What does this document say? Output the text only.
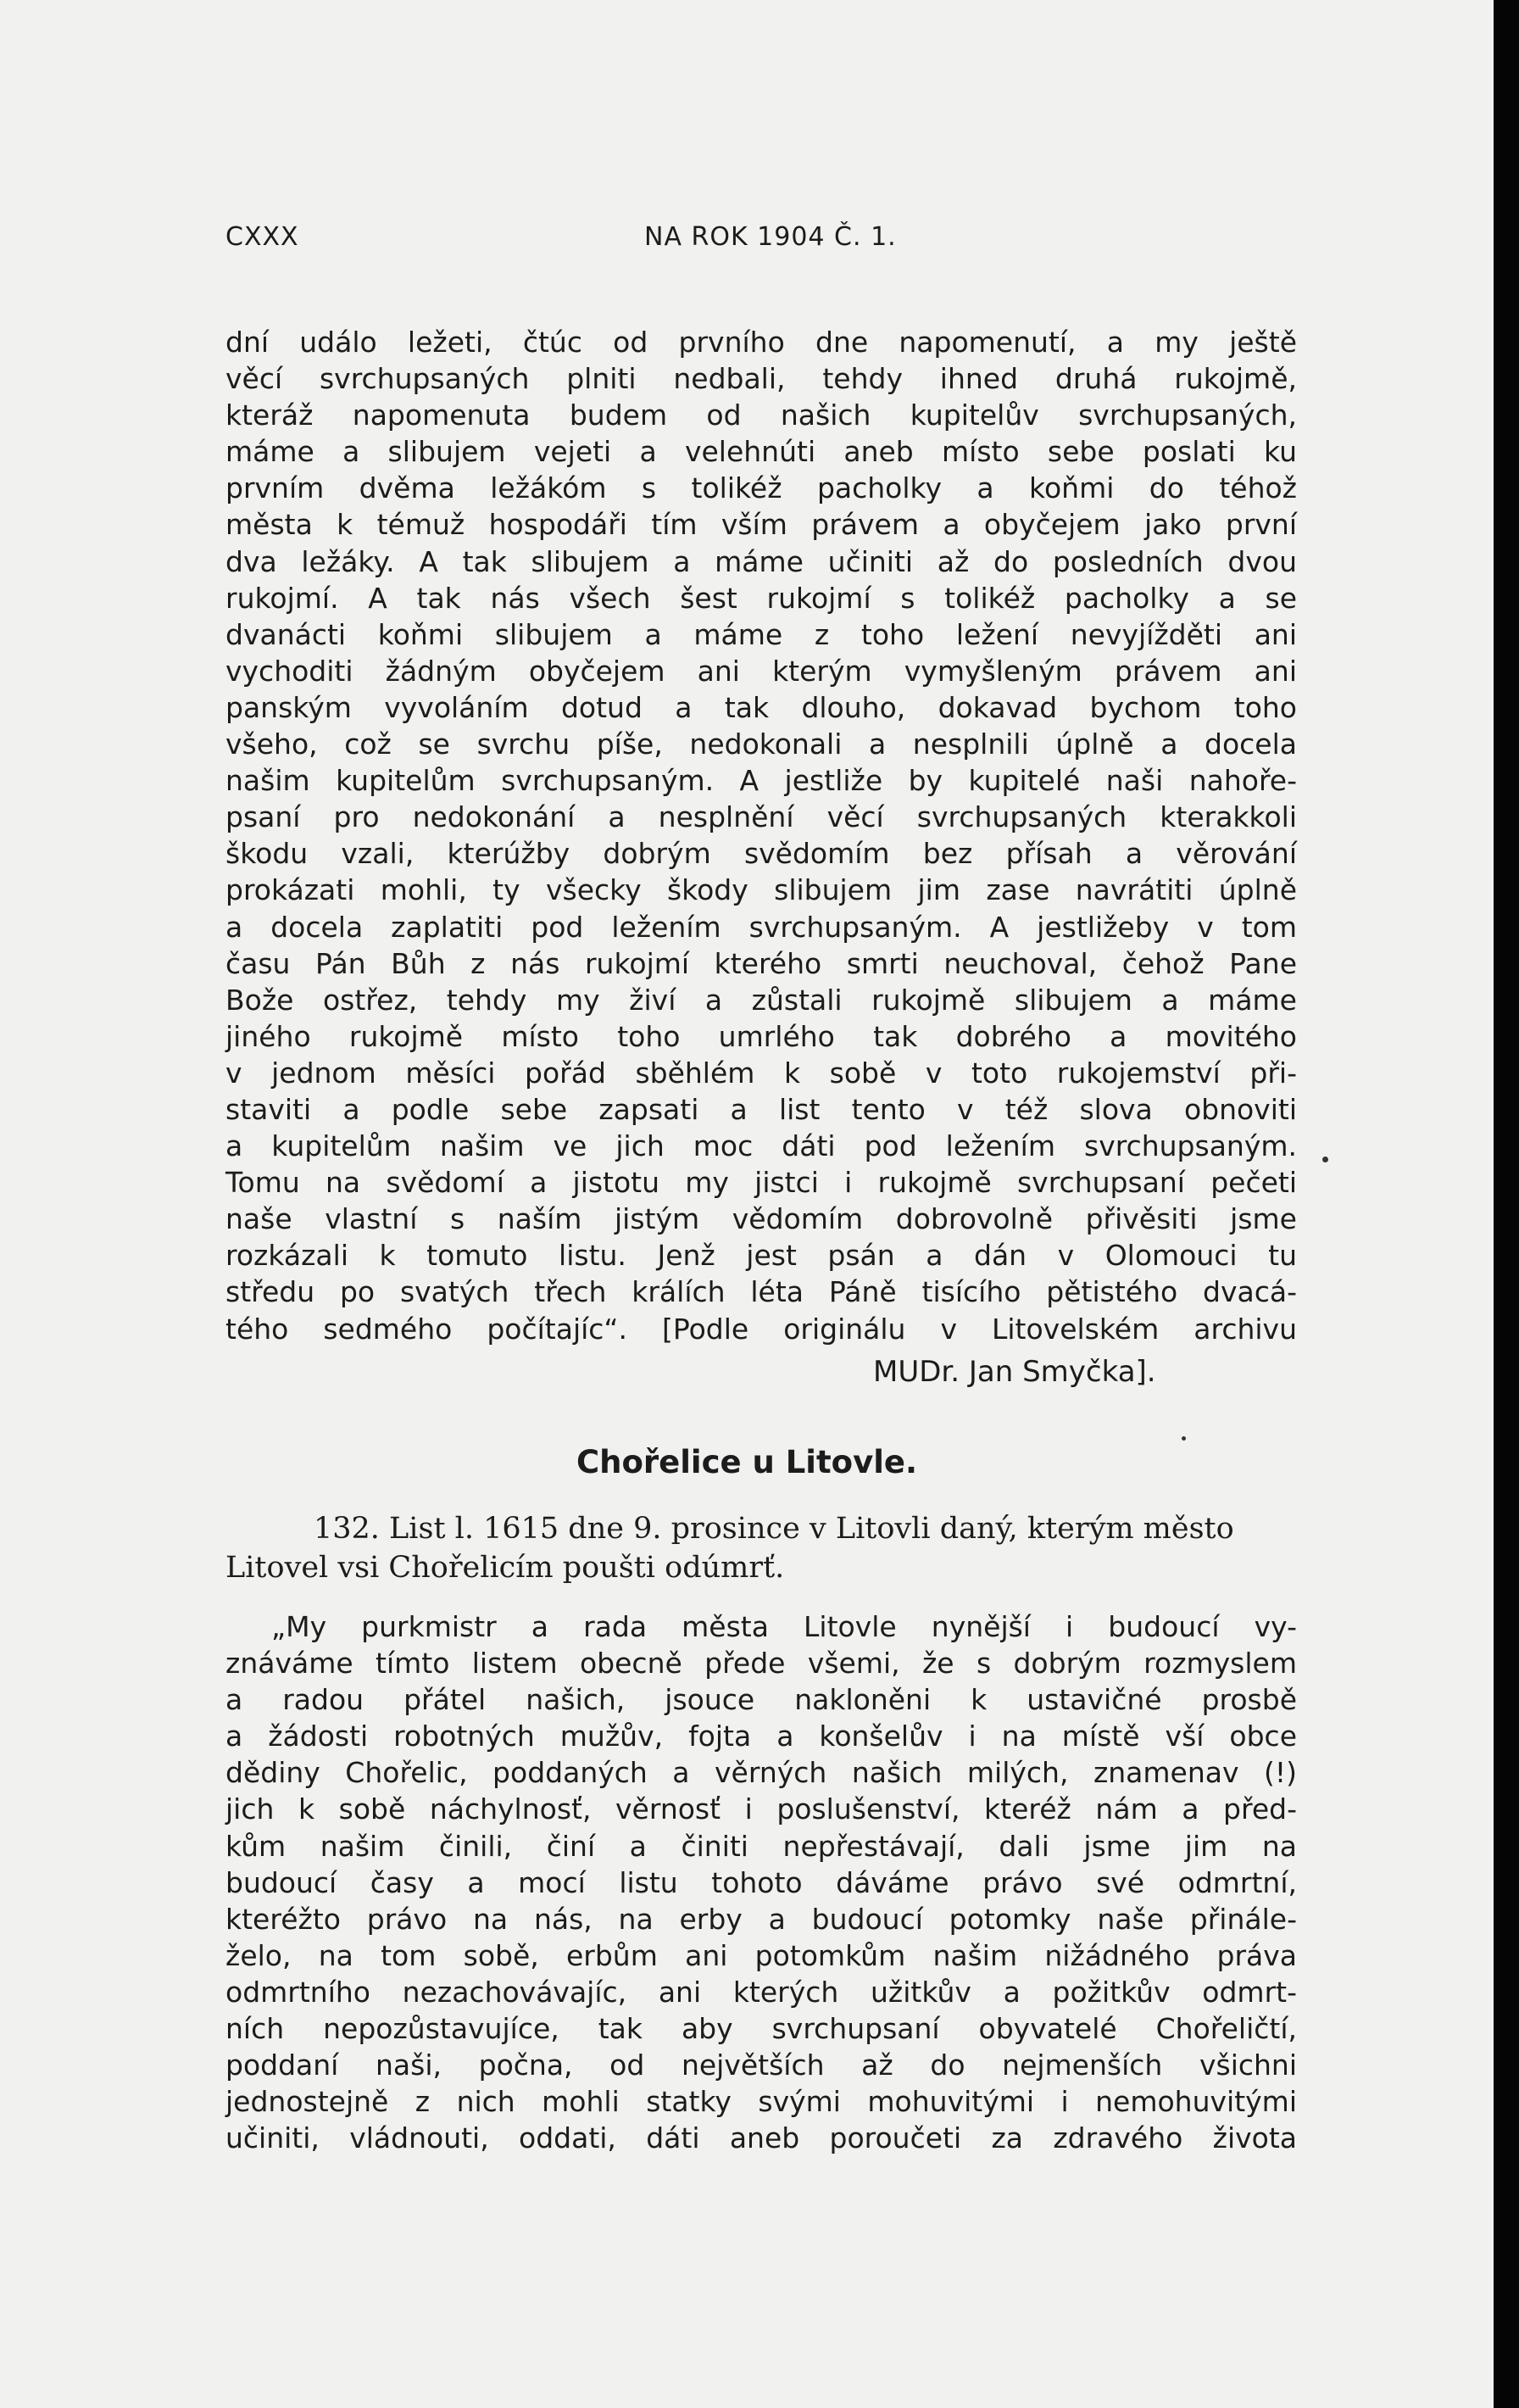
CXXX	NA ROK 1904 Č. 1.
dní událo ležeti, čtúc od prvního dne napomenutí, a my ještě
věcí svrchupsaných plniti nedbali, tehdy ihned druhá rukojmě,
kteráž napomenuta budem od našich kupitelův svrchupsaných,
máme a slibujem vejeti a velehnúti aneb místo sebe poslati ku
prvním dvěma ležákóm s tolikéž pacholky a koňmi do téhož
města k témuž hospodáři tím vším právem a obyčejem jako první
dva ležáky. A tak slibujem a máme učiniti až do posledních dvou
rukojmí. A tak nás všech šest rukojmí s tolikéž pacholky a se
dvanácti koňmi slibujem a máme z toho ležení nevyjížděti ani
vychoditi žádným obyčejem ani kterým vymyšleným právem ani
panským vyvoláním dotud a tak dlouho, dokavad bychom toho
všeho, což se svrchu píše, nedokonali a nesplnili úplně a docela
našim kupitelům svrchupsaným. A jestliže by kupitelé naši nahoře-
psaní pro nedokonání a nesplnění věcí svrchupsaných kterakkoli
škodu vzali, kterúžby dobrým svědomím bez přísah a věrování
prokázati mohli, ty všecky škody slibujem jim zase navrátiti úplně
a docela zaplatiti pod ležením svrchupsaným. A jestližeby v tom
času Pán Bůh z nás rukojmí kterého smrti neuchoval, čehož Pane
Bože ostřez, tehdy my živí a zůstali rukojmě slibujem a máme
jiného rukojmě místo toho umrlého tak dobrého a movitého
v jednom měsíci pořád sběhlém k sobě v toto rukojemství při-
staviti a podle sebe zapsati a list tento v též slova obnoviti
a kupitelům našim ve jich moc dáti pod ležením svrchupsaným.
Tomu na svědomí a jistotu my jistci i rukojmě svrchupsaní pečeti
naše vlastní s naším jistým vědomím dobrovolně přivěsiti jsme
rozkázali k tomuto listu. Jenž jest psán a dán v Olomouci tu
středu po svatých třech králích léta Páně tisícího pětistého dvacá-
tého sedmého počítajíc“. [Podle originálu v Litovelském archivu
MUDr. Jan Smyčka].
Chořelice u Litovle.
132. List l. 1615 dne 9. prosince v Litovli daný, kterým město
Litovel vsi Chořelicím poušti odúmrť.
„My purkmistr a rada města Litovle nynější i budoucí vy-
znáváme tímto listem obecně přede všemi, že s dobrým rozmyslem
a radou přátel našich, jsouce nakloněni k ustavičné prosbě
a žádosti robotných mužův, fojta a konšelův i na místě vší obce
dědiny Chořelic, poddaných a věrných našich milých, znamenav (!)
jich k sobě náchylnosť, věrnosť i poslušenství, kteréž nám a před-
kům našim činili, činí a činiti nepřestávají, dali jsme jim na
budoucí časy a mocí listu tohoto dáváme právo své odmrtní,
kteréžto právo na nás, na erby a budoucí potomky naše přinále-
želo, na tom sobě, erbům ani potomkům našim nižádného práva
odmrtního nezachovávajíc, ani kterých užitkův a požitkův odmrt-
ních nepozůstavujíce, tak aby svrchupsaní obyvatelé Chořeličtí,
poddaní naši, počna, od největších až do nejmenších všichni
jednostejně z nich mohli statky svými mohuvitými i nemohuvitými
učiniti, vládnouti, oddati, dáti aneb poroučeti za zdravého života
